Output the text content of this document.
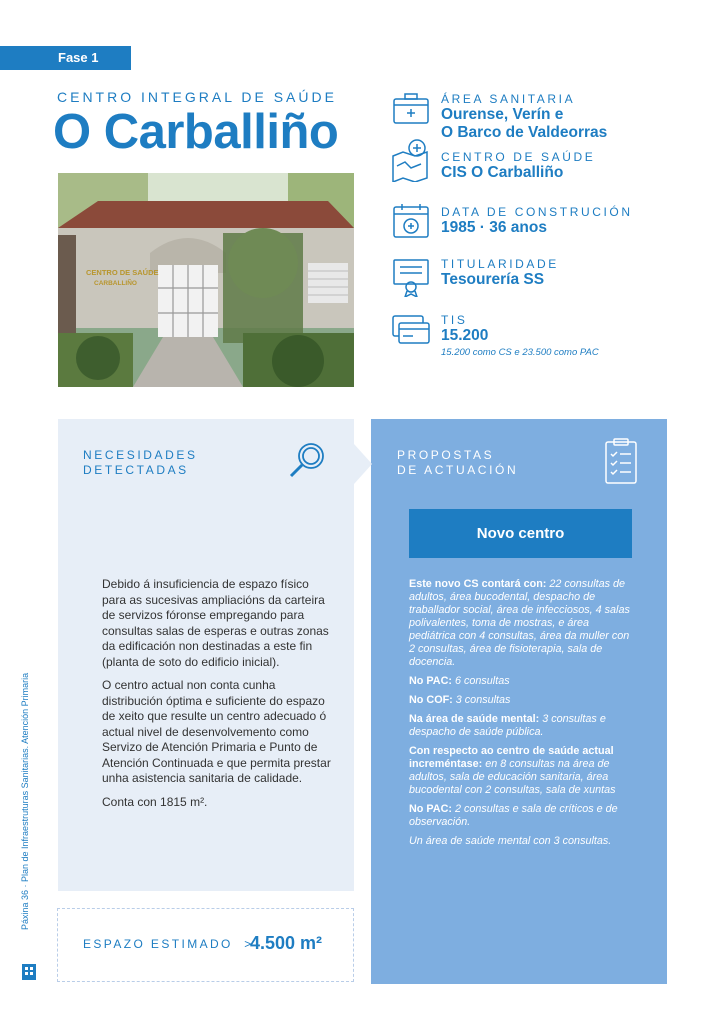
Fase 1
CENTRO INTEGRAL DE SAÚDE
O Carballiño
CENTRO DE SAÚDE
CARBALLIÑO
ÁREA SANITARIA
Ourense, Verín e
O Barco de Valdeorras
CENTRO DE SAÚDE
CIS O Carballiño
DATA DE CONSTRUCIÓN
1985 · 36 anos
TITULARIDADE
Tesourería SS
TIS
15.200
15.200 como CS e 23.500 como PAC
NECESIDADES
DETECTADAS

Debido á insuficiencia de espazo físico para as sucesivas ampliacións da carteira de servizos fóronse empregando para consultas salas de esperas e outras zonas da edificación non destinadas a este fin (planta de soto do edificio inicial).

O centro actual non conta cunha distribución óptima e suficiente do espazo de xeito que resulte un centro adecuado ó actual nivel de desenvolvemento como Servizo de Atención Primaria e Punto de Atención Continuada e que permita prestar unha asistencia sanitaria de calidade.

Conta con 1815 m².

PROPOSTAS
DE ACTUACIÓN
Novo centro

Este novo CS contará con: 22 consultas de adultos, área bucodental, despacho de traballador social, área de infecciosos, 4 salas polivalentes, toma de mostras, e área pediátrica con 4 consultas, área da muller con 2 consultas, área de fisioterapia, sala de docencia.

No PAC: 6 consultas

No COF: 3 consultas

Na área de saúde mental: 3 consultas e despacho de saúde pública.

Con respecto ao centro de saúde actual increméntase: en 8 consultas na área de adultos, sala de educación sanitaria, área bucodental con 2 consultas, sala de xuntas

No PAC: 2 consultas e sala de críticos e de observación.

Un área de saúde mental con 3 consultas.

ESPAZO ESTIMADO  >
4.500 m²
Páxina 36 · Plan de Infraestruturas Sanitarias. Atención Primaria
